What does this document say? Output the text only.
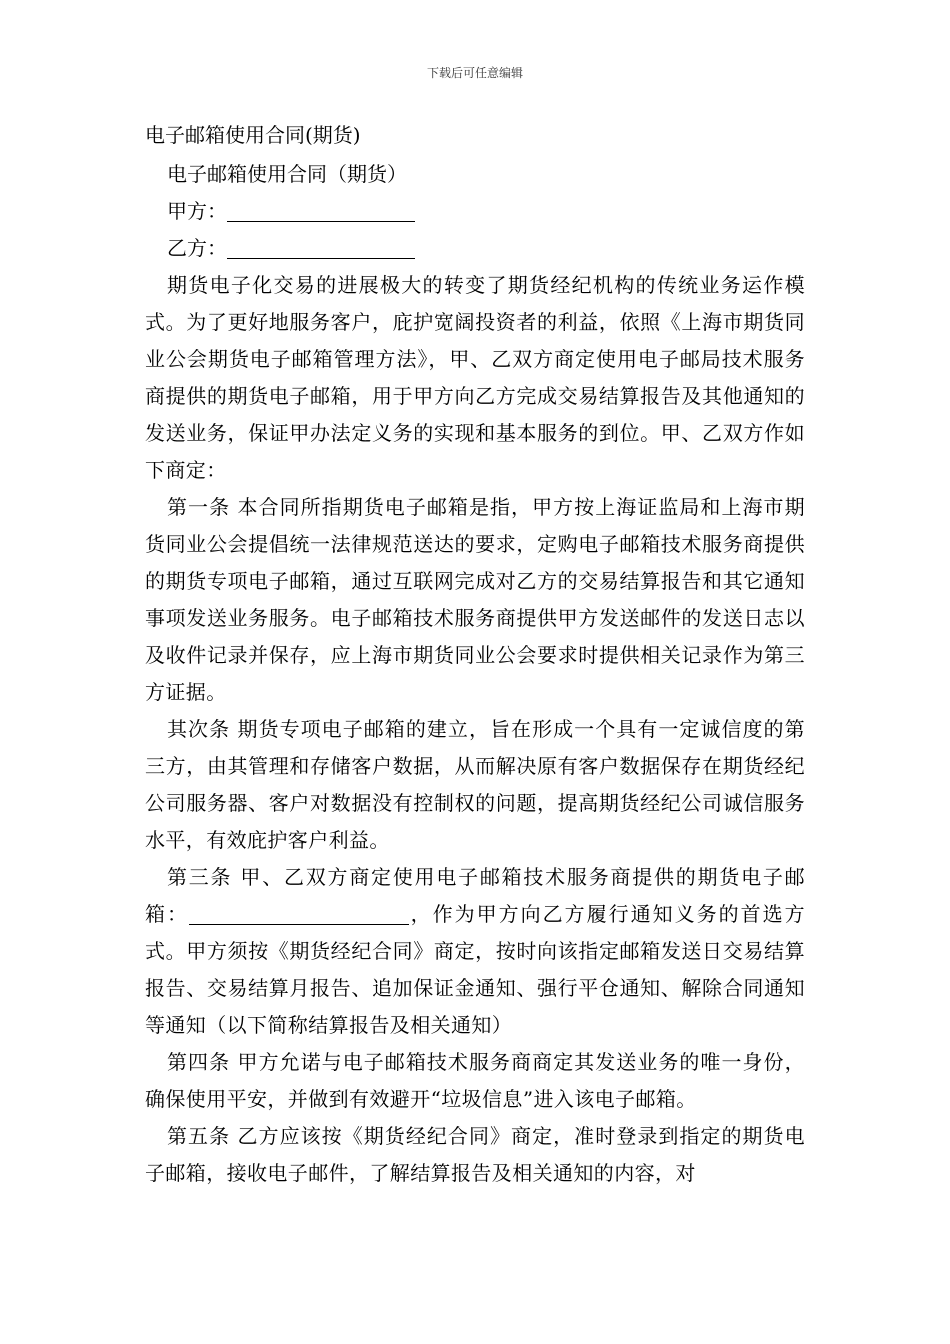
下载后可任意编辑

电子邮箱使用合同(期货)

电子邮箱使用合同（期货）

甲方：

乙方：

期货电子化交易的进展极大的转变了期货经纪机构的传统业务运作模式。为了更好地服务客户，庇护宽阔投资者的利益，依照《上海市期货同业公会期货电子邮箱管理方法》，甲、乙双方商定使用电子邮局技术服务商提供的期货电子邮箱，用于甲方向乙方完成交易结算报告及其他通知的发送业务，保证甲办法定义务的实现和基本服务的到位。甲、乙双方作如下商定：

第一条 本合同所指期货电子邮箱是指，甲方按上海证监局和上海市期货同业公会提倡统一法律规范送达的要求，定购电子邮箱技术服务商提供的期货专项电子邮箱，通过互联网完成对乙方的交易结算报告和其它通知事项发送业务服务。电子邮箱技术服务商提供甲方发送邮件的发送日志以及收件记录并保存，应上海市期货同业公会要求时提供相关记录作为第三方证据。

其次条 期货专项电子邮箱的建立，旨在形成一个具有一定诚信度的第三方，由其管理和存储客户数据，从而解决原有客户数据保存在期货经纪公司服务器、客户对数据没有控制权的问题，提高期货经纪公司诚信服务水平，有效庇护客户利益。

第三条 甲、乙双方商定使用电子邮箱技术服务商提供的期货电子邮箱：	，作为甲方向乙方履行通知义务的首选方式。甲方须按《期货经纪合同》商定，按时向该指定邮箱发送日交易结算报告、交易结算月报告、追加保证金通知、强行平仓通知、解除合同通知等通知（以下简称结算报告及相关通知）

第四条 甲方允诺与电子邮箱技术服务商商定其发送业务的唯一身份，确保使用平安，并做到有效避开“垃圾信息”进入该电子邮箱。

第五条 乙方应该按《期货经纪合同》商定，准时登录到指定的期货电子邮箱，接收电子邮件，了解结算报告及相关通知的内容，对
